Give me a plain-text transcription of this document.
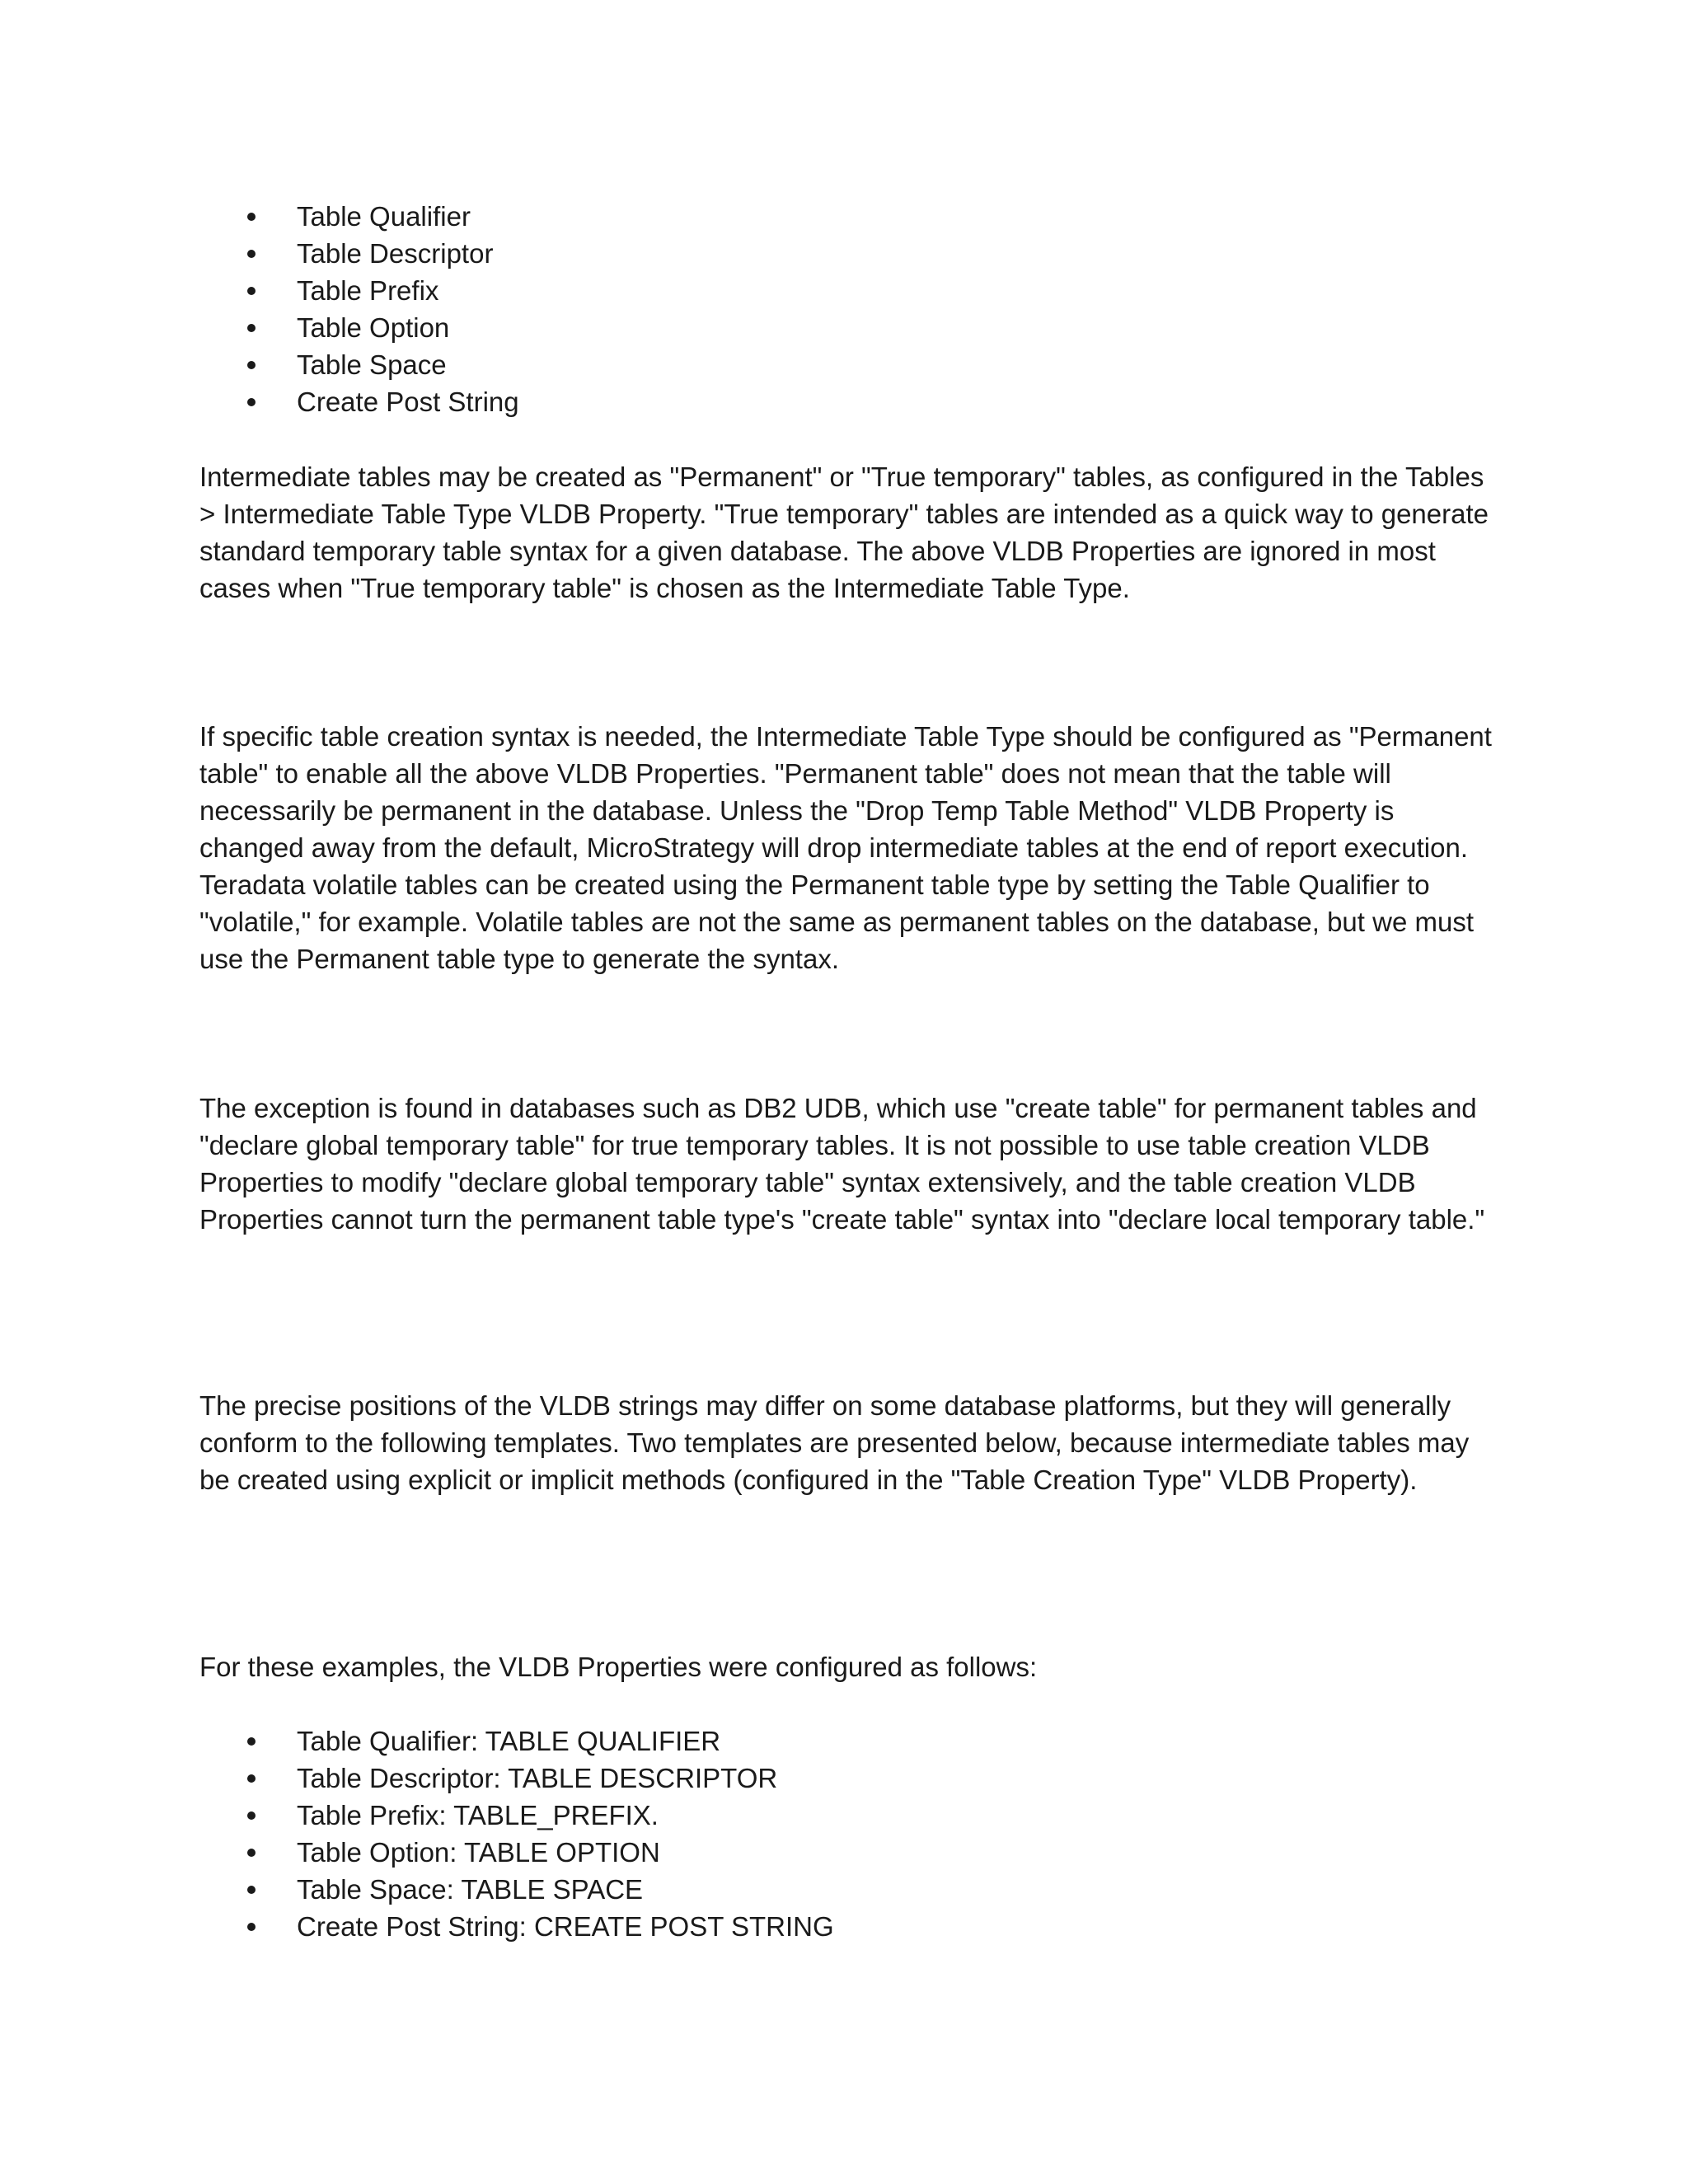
Table Qualifier
Table Descriptor
Table Prefix
Table Option
Table Space
Create Post String

Intermediate tables may be created as "Permanent" or "True temporary" tables, as configured in the Tables > Intermediate Table Type VLDB Property. "True temporary" tables are intended as a quick way to generate standard temporary table syntax for a given database. The above VLDB Properties are ignored in most cases when "True temporary table" is chosen as the Intermediate Table Type.

If specific table creation syntax is needed, the Intermediate Table Type should be configured as "Permanent table" to enable all the above VLDB Properties. "Permanent table" does not mean that the table will necessarily be permanent in the database. Unless the "Drop Temp Table Method" VLDB Property is changed away from the default, MicroStrategy will drop intermediate tables at the end of report execution. Teradata volatile tables can be created using the Permanent table type by setting the Table Qualifier to "volatile," for example. Volatile tables are not the same as permanent tables on the database, but we must use the Permanent table type to generate the syntax.

The exception is found in databases such as DB2 UDB, which use "create table" for permanent tables and "declare global temporary table" for true temporary tables. It is not possible to use table creation VLDB Properties to modify "declare global temporary table" syntax extensively, and the table creation VLDB Properties cannot turn the permanent table type's "create table" syntax into "declare local temporary table."

The precise positions of the VLDB strings may differ on some database platforms, but they will generally conform to the following templates. Two templates are presented below, because intermediate tables may be created using explicit or implicit methods (configured in the "Table Creation Type" VLDB Property).

For these examples, the VLDB Properties were configured as follows:

Table Qualifier: TABLE QUALIFIER
Table Descriptor: TABLE DESCRIPTOR
Table Prefix: TABLE_PREFIX.
Table Option: TABLE OPTION
Table Space: TABLE SPACE
Create Post String: CREATE POST STRING
